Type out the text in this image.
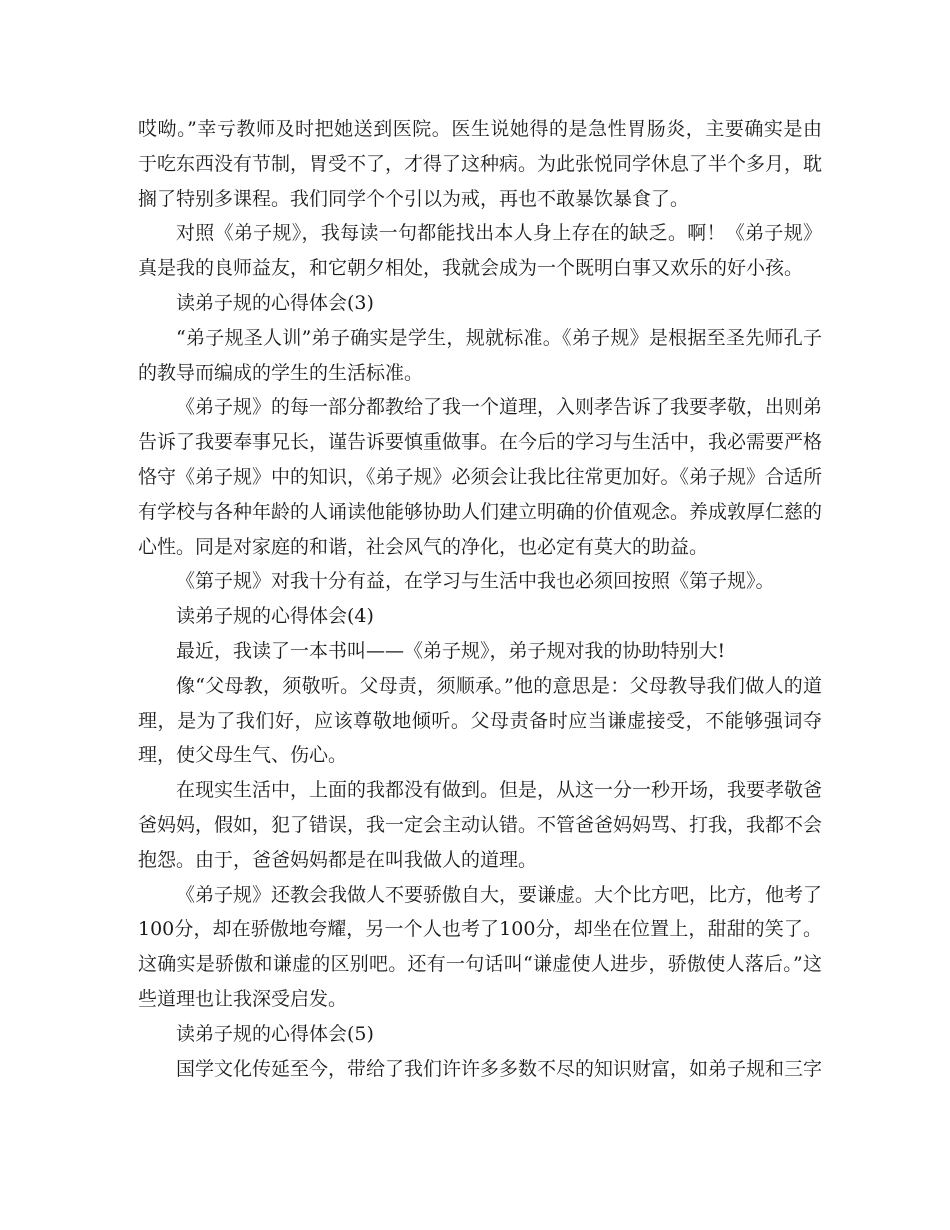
哎呦。”幸亏教师及时把她送到医院。医生说她得的是急性胃肠炎，主要确实是由于吃东西没有节制，胃受不了，才得了这种病。为此张悦同学休息了半个多月，耽搁了特别多课程。我们同学个个引以为戒，再也不敢暴饮暴食了。

对照《弟子规》，我每读一句都能找出本人身上存在的缺乏。啊！《弟子规》真是我的良师益友，和它朝夕相处，我就会成为一个既明白事又欢乐的好小孩。

读弟子规的心得体会(3)

“弟子规圣人训”弟子确实是学生，规就标准。《弟子规》是根据至圣先师孔子的教导而编成的学生的生活标准。

《弟子规》的每一部分都教给了我一个道理，入则孝告诉了我要孝敬，出则弟告诉了我要奉事兄长，谨告诉要慎重做事。在今后的学习与生活中，我必需要严格恪守《弟子规》中的知识，《弟子规》必须会让我比往常更加好。《弟子规》合适所有学校与各种年龄的人诵读他能够协助人们建立明确的价值观念。养成敦厚仁慈的心性。同是对家庭的和谐，社会风气的净化，也必定有莫大的助益。

《第子规》对我十分有益，在学习与生活中我也必须回按照《第子规》。

读弟子规的心得体会(4)

最近，我读了一本书叫——《弟子规》，弟子规对我的协助特别大!

像“父母教，须敬听。父母责，须顺承。”他的意思是：父母教导我们做人的道理，是为了我们好，应该尊敬地倾听。父母责备时应当谦虚接受，不能够强词夺理，使父母生气、伤心。

在现实生活中，上面的我都没有做到。但是，从这一分一秒开场，我要孝敬爸爸妈妈，假如，犯了错误，我一定会主动认错。不管爸爸妈妈骂、打我，我都不会抱怨。由于，爸爸妈妈都是在叫我做人的道理。

《弟子规》还教会我做人不要骄傲自大，要谦虚。大个比方吧，比方，他考了100分，却在骄傲地夸耀，另一个人也考了100分，却坐在位置上，甜甜的笑了。这确实是骄傲和谦虚的区别吧。还有一句话叫“谦虚使人进步，骄傲使人落后。”这些道理也让我深受启发。

读弟子规的心得体会(5)

国学文化传延至今，带给了我们许许多多数不尽的知识财富，如弟子规和三字
